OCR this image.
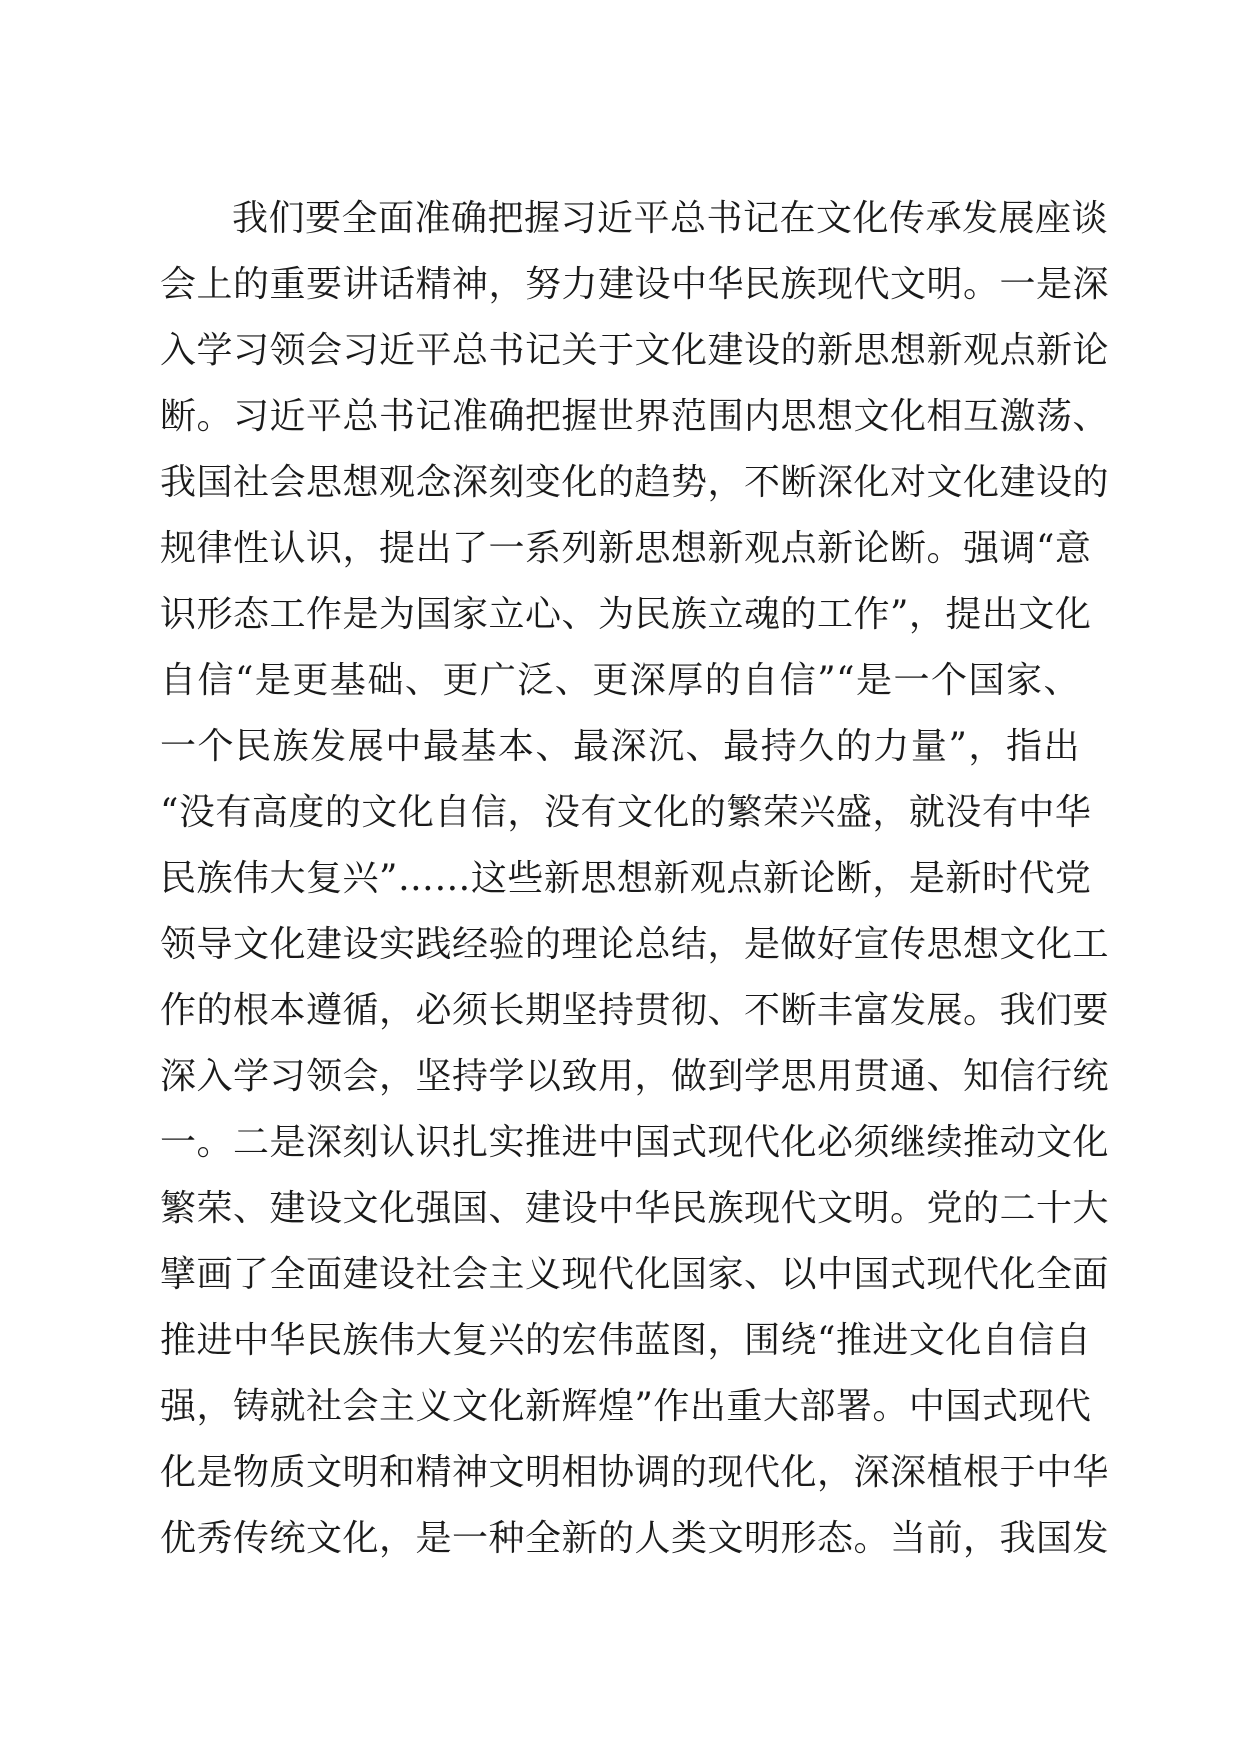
我们要全面准确把握习近平总书记在文化传承发展座谈
会上的重要讲话精神，努力建设中华民族现代文明。一是深
入学习领会习近平总书记关于文化建设的新思想新观点新论
断。习近平总书记准确把握世界范围内思想文化相互激荡、
我国社会思想观念深刻变化的趋势，不断深化对文化建设的
规律性认识，提出了一系列新思想新观点新论断。强调“意
识形态工作是为国家立心、为民族立魂的工作”，提出文化
自信“是更基础、更广泛、更深厚的自信”“是一个国家、
一个民族发展中最基本、最深沉、最持久的力量”，指出
“没有高度的文化自信，没有文化的繁荣兴盛，就没有中华
民族伟大复兴”……这些新思想新观点新论断，是新时代党
领导文化建设实践经验的理论总结，是做好宣传思想文化工
作的根本遵循，必须长期坚持贯彻、不断丰富发展。我们要
深入学习领会，坚持学以致用，做到学思用贯通、知信行统
一。二是深刻认识扎实推进中国式现代化必须继续推动文化
繁荣、建设文化强国、建设中华民族现代文明。党的二十大
擘画了全面建设社会主义现代化国家、以中国式现代化全面
推进中华民族伟大复兴的宏伟蓝图，围绕“推进文化自信自
强，铸就社会主义文化新辉煌”作出重大部署。中国式现代
化是物质文明和精神文明相协调的现代化，深深植根于中华
优秀传统文化，是一种全新的人类文明形态。当前，我国发
